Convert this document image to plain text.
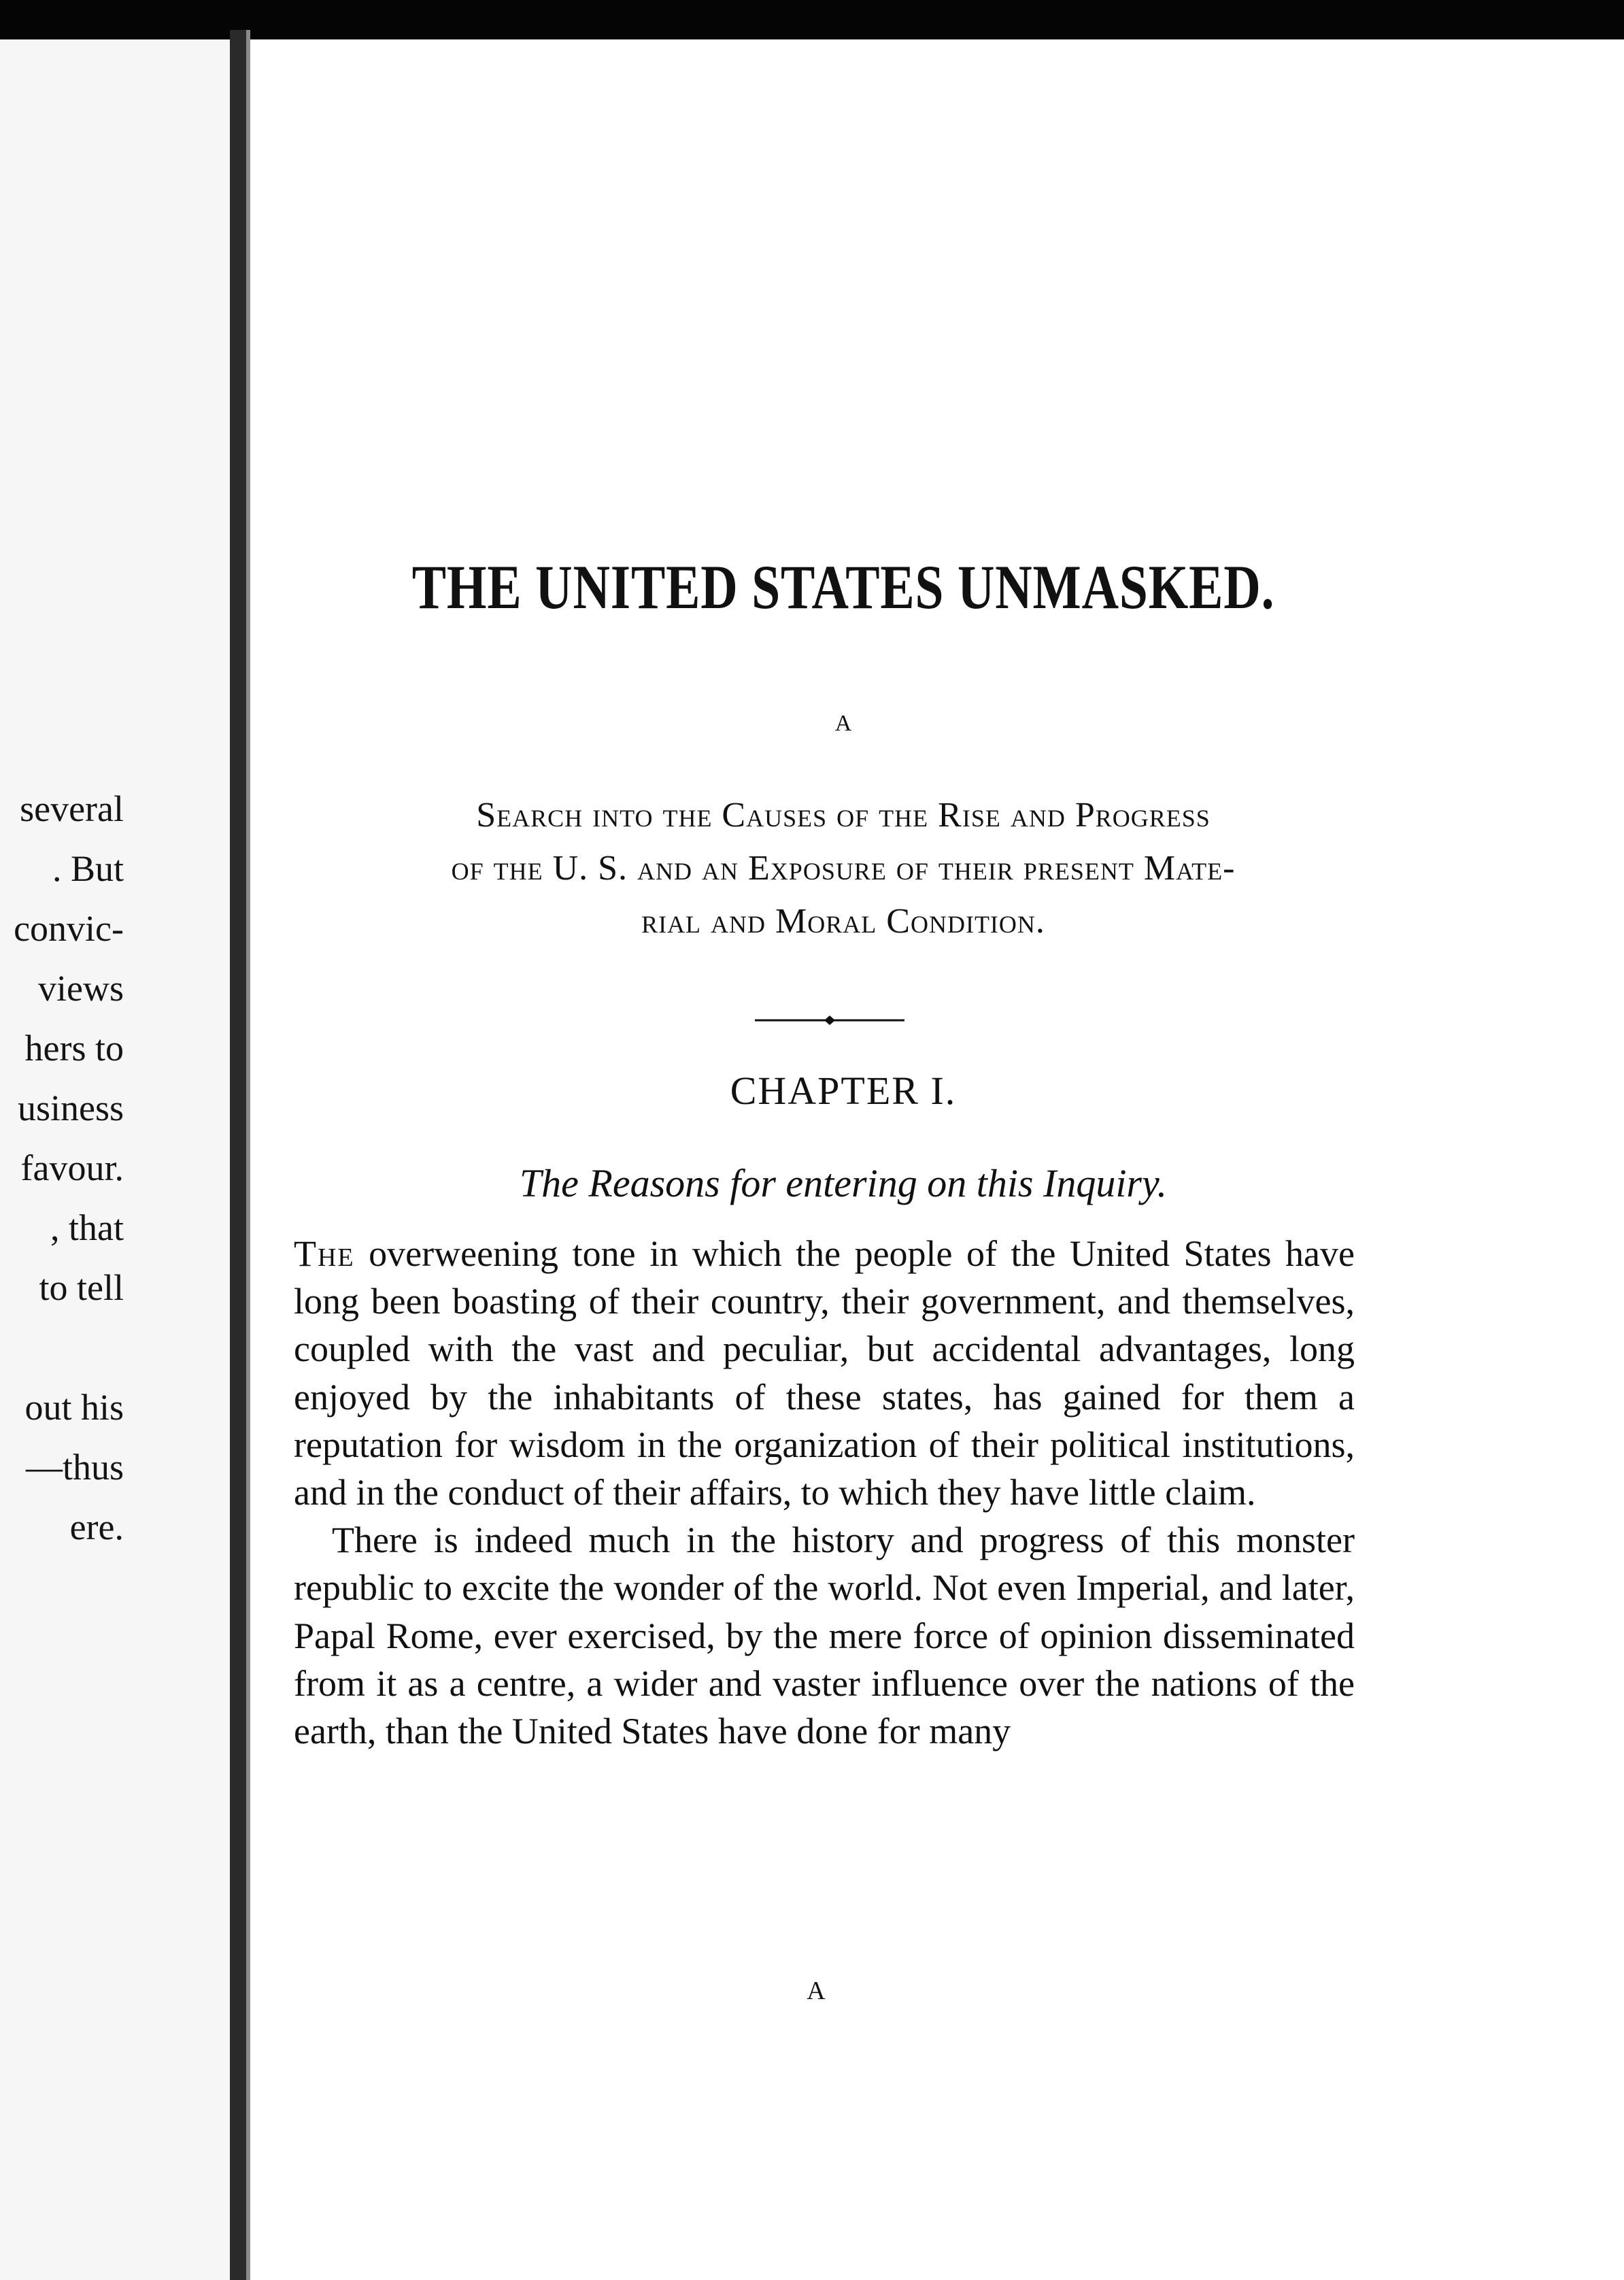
several
. But
convic-
views
hers to
usiness
favour.
, that
to tell
out his
—thus
ere.
THE UNITED STATES UNMASKED.
A
Search into the Causes of the Rise and Progress
of the U. S. and an Exposure of their present Mate-
rial and Moral Condition.
CHAPTER I.
The Reasons for entering on this Inquiry.

The overweening tone in which the people of the United States have long been boasting of their country, their government, and themselves, coupled with the vast and peculiar, but accidental advantages, long enjoyed by the inhabitants of these states, has gained for them a reputation for wisdom in the organization of their political institutions, and in the conduct of their affairs, to which they have little claim.

There is indeed much in the history and progress of this monster republic to excite the wonder of the world. Not even Imperial, and later, Papal Rome, ever exercised, by the mere force of opinion disseminated from it as a centre, a wider and vaster influence over the nations of the earth, than the United States have done for many

A
